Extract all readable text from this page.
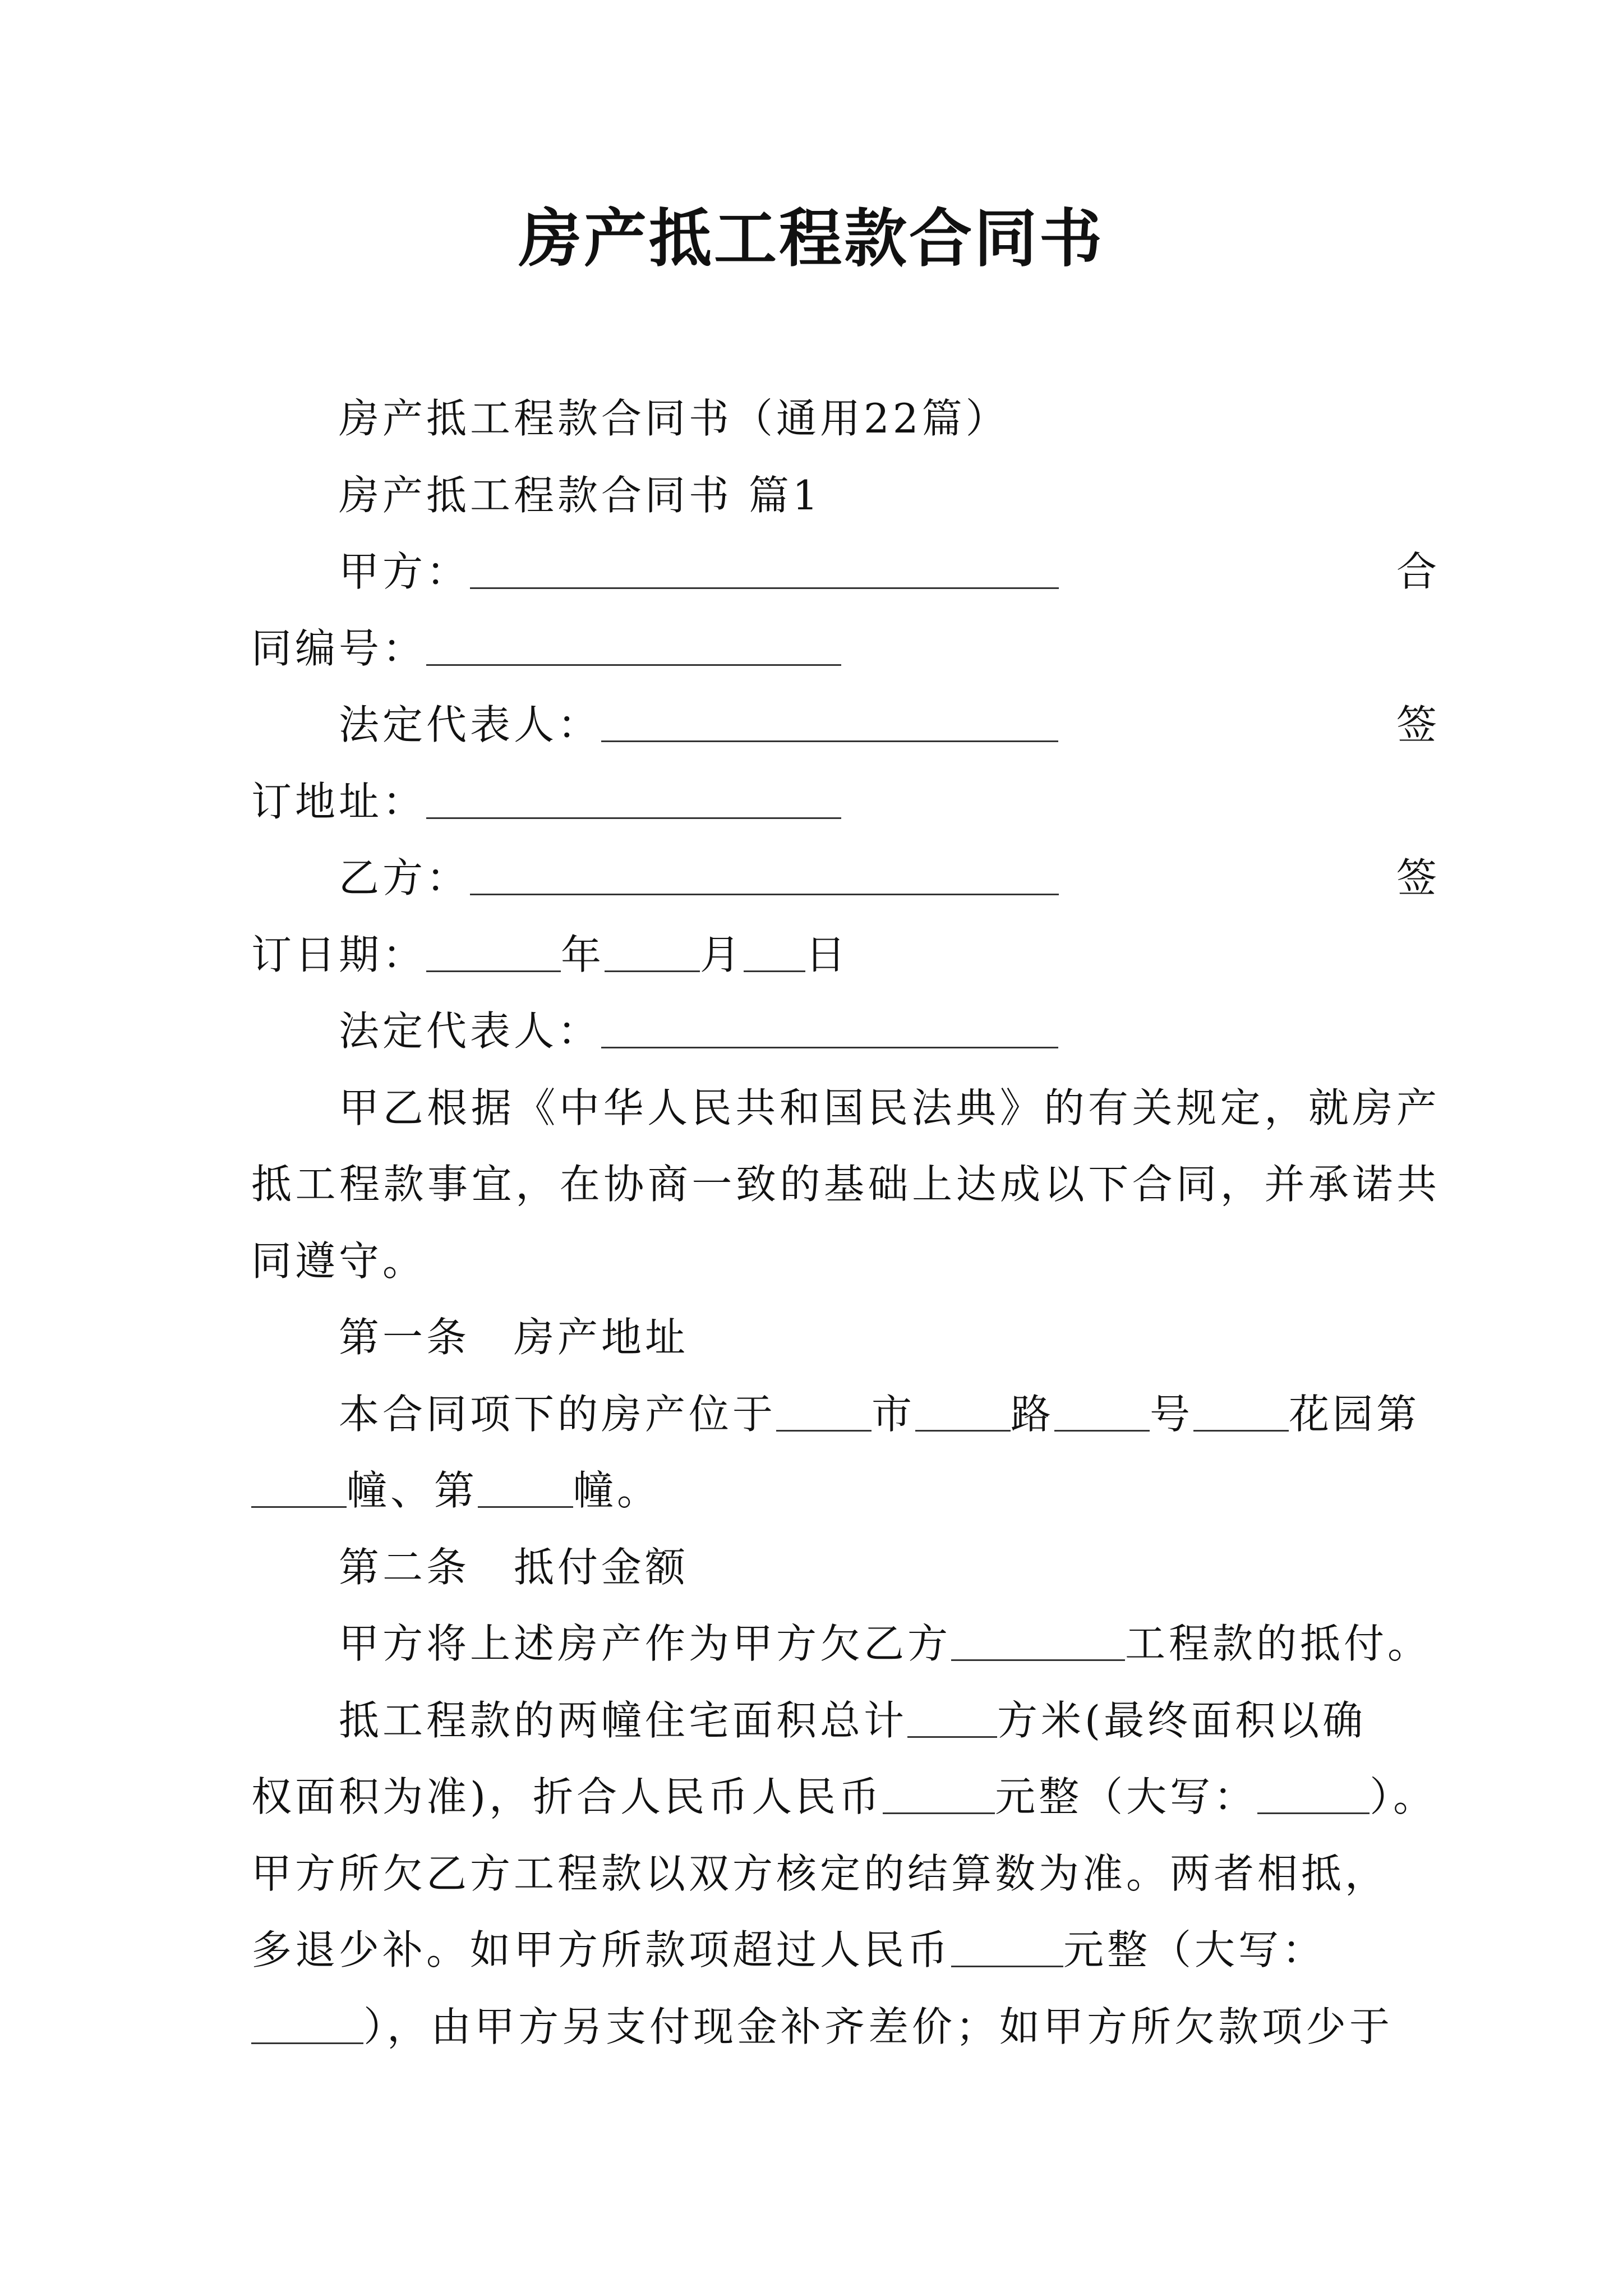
房产抵工程款合同书

房产抵工程款合同书（通用22篇）

房产抵工程款合同书 篇1

甲方：	合

同编号：

法定代表人：	签

订地址：

乙方：	签

订日期：	年 月 日

法定代表人：

甲乙根据《中华人民共和国民法典》的有关规定，就房产抵工程款事宜，在协商一致的基础上达成以下合同，并承诺共同遵守。

第一条　房产地址

本合同项下的房产位于 市 路 号 花园第

幢、第 幢。

第二条　抵付金额

甲方将上述房产作为甲方欠乙方	工程款的抵付。

抵工程款的两幢住宅面积总计 方米(最终面积以确

权面积为准)，折合人民币人民币	元整（大写：	）。

甲方所欠乙方工程款以双方核定的结算数为准。两者相抵，

多退少补。如甲方所款项超过人民币	元整（大写：

），由甲方另支付现金补齐差价；如甲方所欠款项少于
